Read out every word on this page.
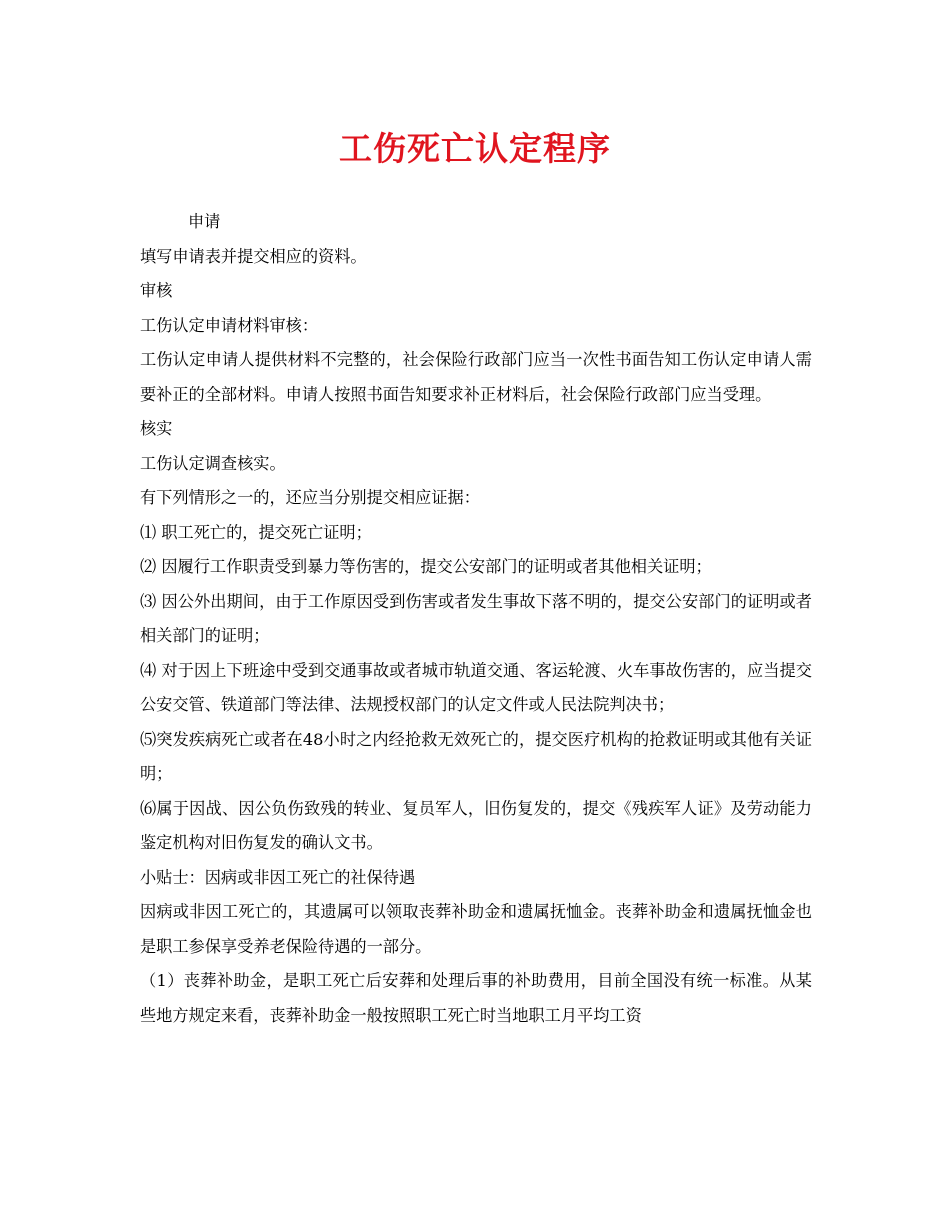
工伤死亡认定程序

申请

填写申请表并提交相应的资料。

审核

工伤认定申请材料审核：

工伤认定申请人提供材料不完整的，社会保险行政部门应当一次性书面告知工伤认定申请人需要补正的全部材料。申请人按照书面告知要求补正材料后，社会保险行政部门应当受理。

核实

工伤认定调查核实。

有下列情形之一的，还应当分别提交相应证据：

⑴ 职工死亡的，提交死亡证明；

⑵ 因履行工作职责受到暴力等伤害的，提交公安部门的证明或者其他相关证明；

⑶ 因公外出期间，由于工作原因受到伤害或者发生事故下落不明的，提交公安部门的证明或者相关部门的证明；

⑷ 对于因上下班途中受到交通事故或者城市轨道交通、客运轮渡、火车事故伤害的，应当提交公安交管、铁道部门等法律、法规授权部门的认定文件或人民法院判决书；

⑸突发疾病死亡或者在48小时之内经抢救无效死亡的，提交医疗机构的抢救证明或其他有关证明；

⑹属于因战、因公负伤致残的转业、复员军人，旧伤复发的，提交《残疾军人证》及劳动能力鉴定机构对旧伤复发的确认文书。

小贴士：因病或非因工死亡的社保待遇

因病或非因工死亡的，其遗属可以领取丧葬补助金和遗属抚恤金。丧葬补助金和遗属抚恤金也是职工参保享受养老保险待遇的一部分。

（1）丧葬补助金，是职工死亡后安葬和处理后事的补助费用，目前全国没有统一标准。从某些地方规定来看，丧葬补助金一般按照职工死亡时当地职工月平均工资
